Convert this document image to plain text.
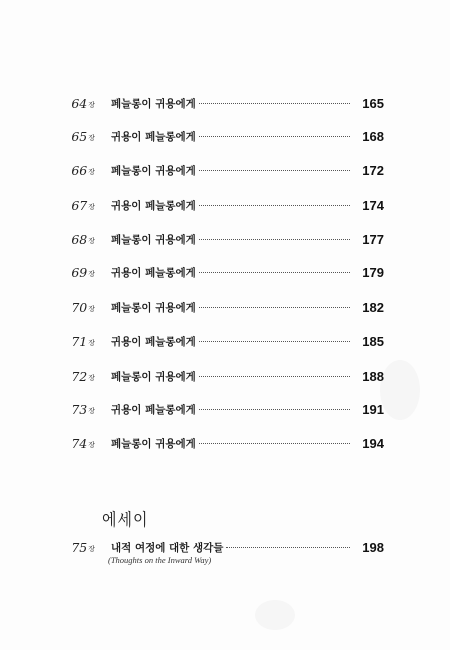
64장 페늘롱이 귀용에게	165
65장 귀용이 페늘롱에게	168
66장 페늘롱이 귀용에게	172
67장 귀용이 페늘롱에게	174
68장 페늘롱이 귀용에게	177
69장 귀용이 페늘롱에게	179
70장 페늘롱이 귀용에게	182
71장 귀용이 페늘롱에게	185
72장 페늘롱이 귀용에게	188
73장 귀용이 페늘롱에게	191
74장 페늘롱이 귀용에게	194
에세이
75장 내적 여정에 대한 생각들	198
(Thoughts on the Inward Way)
